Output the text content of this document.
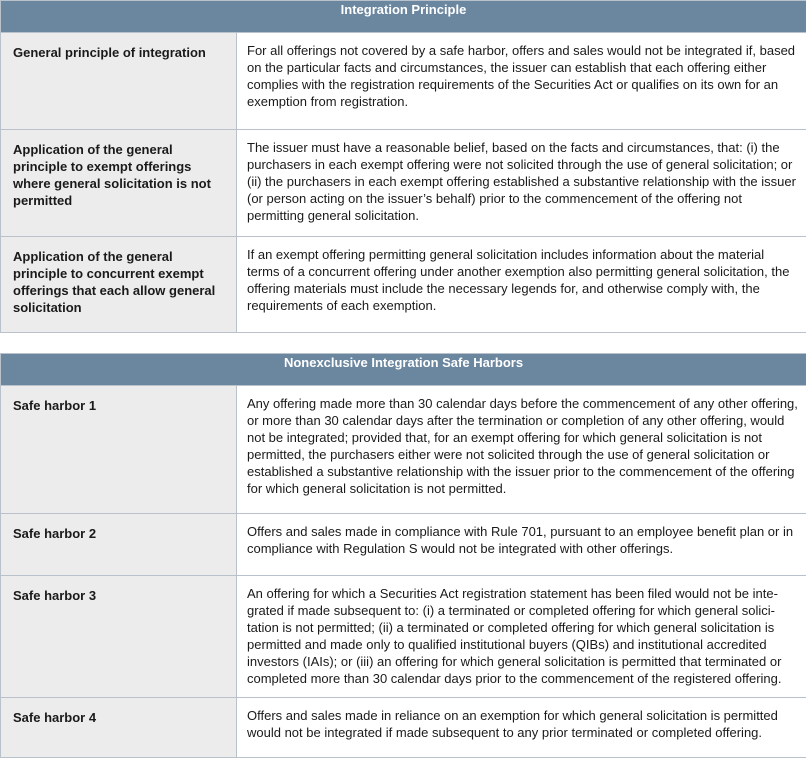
Integration Principle	
General principle of integration	For all offerings not covered by a safe harbor, offers and sales would not be integrated if, based on the particular facts and circumstances, the issuer can establish that each offering either complies with the registration requirements of the Securities Act or qualifies on its own for an exemption from registration.
Application of the general principle to exempt offerings where general solicitation is not permitted	The issuer must have a reasonable belief, based on the facts and circumstances, that: (i) the purchasers in each exempt offering were not solicited through the use of general solicitation; or (ii) the purchasers in each exempt offering established a substantive relationship with the issuer (or person acting on the issuer’s behalf) prior to the commencement of the offering not permitting general solicitation.
Application of the general principle to concurrent exempt offerings that each allow general solicitation	If an exempt offering permitting general solicitation includes information about the material terms of a concurrent offering under another exemption also permitting general solicitation, the offering materials must include the necessary legends for, and otherwise comply with, the requirements of each exemption.
Nonexclusive Integration Safe Harbors	
Safe harbor 1	Any offering made more than 30 calendar days before the commencement of any other offering, or more than 30 calendar days after the termination or completion of any other offering, would not be integrated; provided that, for an exempt offering for which general solicitation is not permitted, the purchasers either were not solicited through the use of general solicitation or established a substantive relationship with the issuer prior to the commencement of the offering for which general solicitation is not permitted.
Safe harbor 2	Offers and sales made in compliance with Rule 701, pursuant to an employee benefit plan or in compliance with Regulation S would not be integrated with other offerings.
Safe harbor 3	An offering for which a Securities Act registration statement has been filed would not be integrated if made subsequent to: (i) a terminated or completed offering for which general solicitation is not permitted; (ii) a terminated or completed offering for which general solicitation is permitted and made only to qualified institutional buyers (QIBs) and institutional accredited investors (IAIs); or (iii) an offering for which general solicitation is permitted that terminated or completed more than 30 calendar days prior to the commencement of the registered offering.
Safe harbor 4	Offers and sales made in reliance on an exemption for which general solicitation is permitted would not be integrated if made subsequent to any prior terminated or completed offering.
